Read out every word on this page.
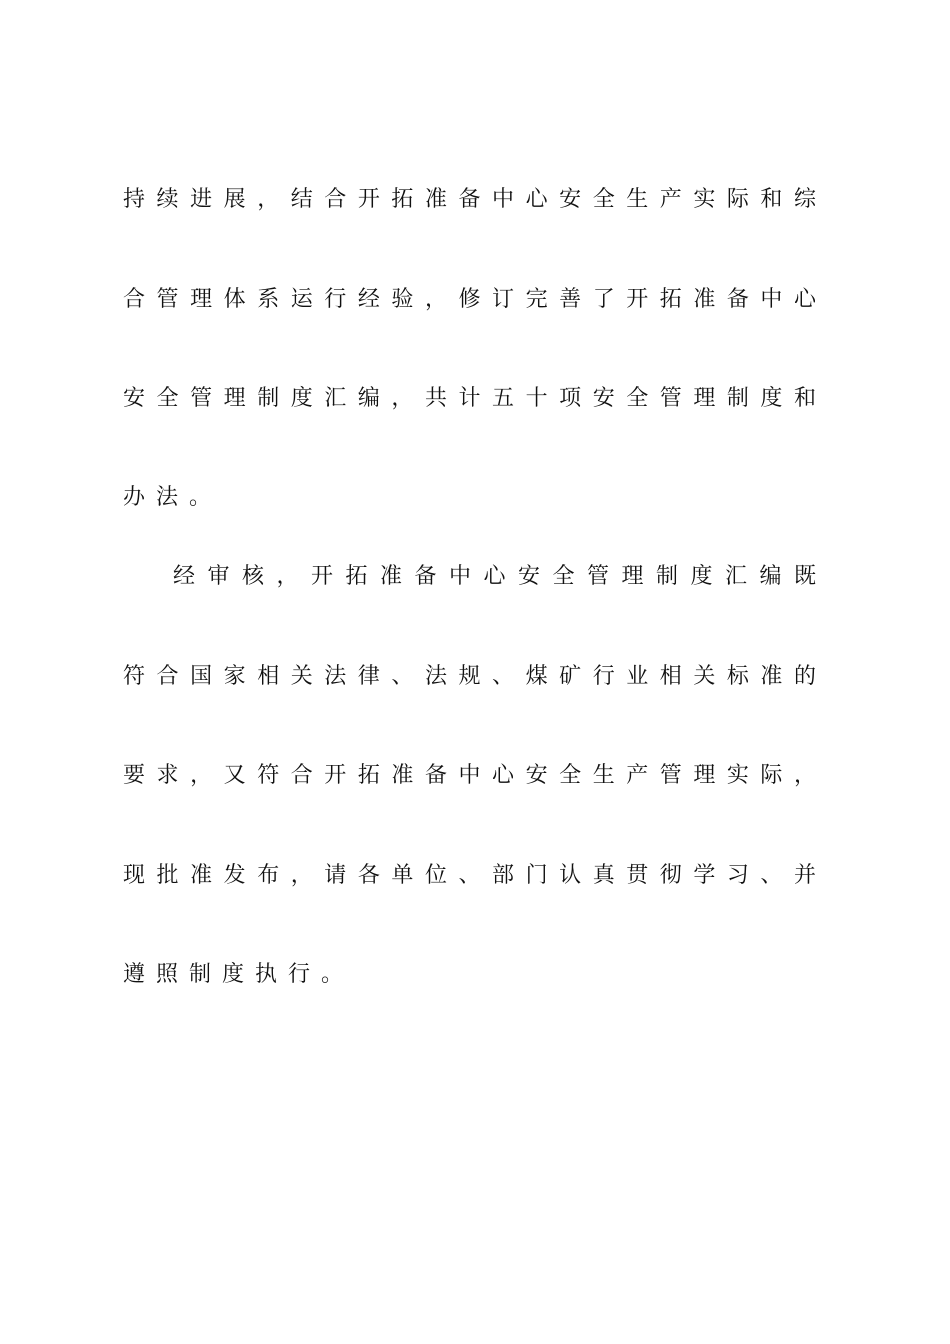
持续进展，结合开拓准备中心安全生产实际和综
合管理体系运行经验，修订完善了开拓准备中心
安全管理制度汇编，共计五十项安全管理制度和
办法。
经审核，开拓准备中心安全管理制度汇编既
符合国家相关法律、法规、煤矿行业相关标准的
要求，又符合开拓准备中心安全生产管理实际，
现批准发布，请各单位、部门认真贯彻学习、并
遵照制度执行。
